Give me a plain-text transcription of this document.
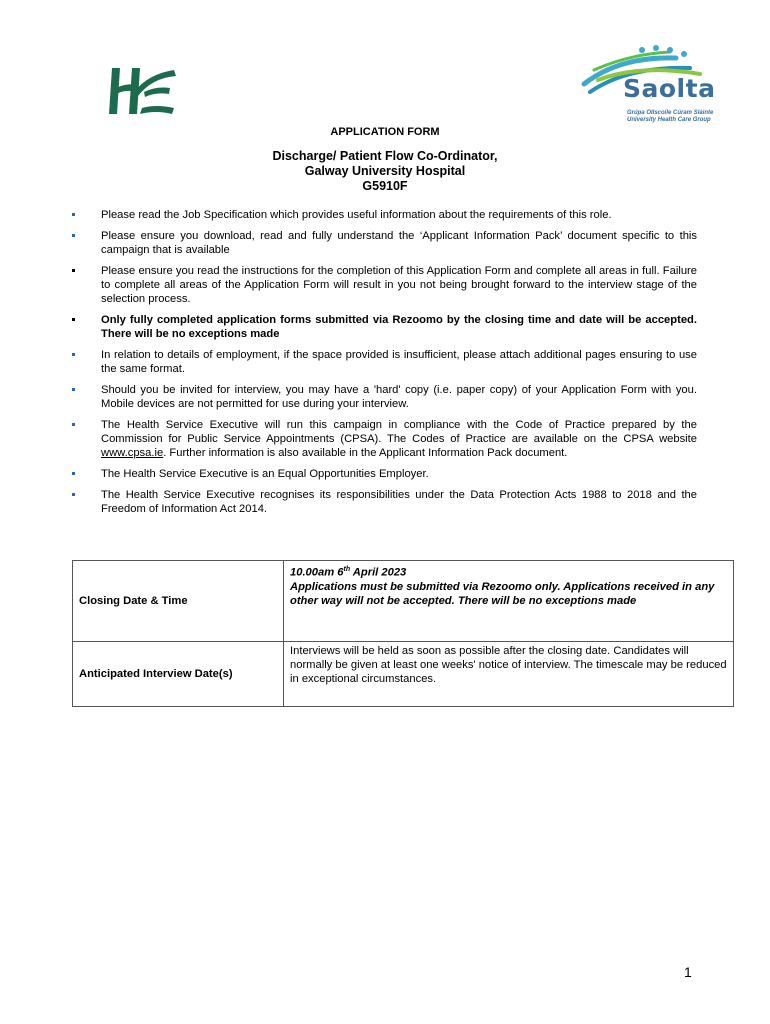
Saolta
Grúpa Ollscoile Cúram Sláinte
University Health Care Group
APPLICATION FORM
Discharge/ Patient Flow Co-Ordinator,
Galway University Hospital
G5910F
Please read the Job Specification which provides useful information about the requirements of this role.
Please ensure you download, read and fully understand the ‘Applicant Information Pack’ document specific to this campaign that is available
Please ensure you read the instructions for the completion of this Application Form and complete all areas in full. Failure to complete all areas of the Application Form will result in you not being brought forward to the interview stage of the selection process.
Only fully completed application forms submitted via Rezoomo by the closing time and date will be accepted. There will be no exceptions made
In relation to details of employment, if the space provided is insufficient, please attach additional pages ensuring to use the same format.
Should you be invited for interview, you may have a 'hard' copy (i.e. paper copy) of your Application Form with you. Mobile devices are not permitted for use during your interview.
The Health Service Executive will run this campaign in compliance with the Code of Practice prepared by the Commission for Public Service Appointments (CPSA). The Codes of Practice are available on the CPSA website www.cpsa.ie. Further information is also available in the Applicant Information Pack document.
The Health Service Executive is an Equal Opportunities Employer.
The Health Service Executive recognises its responsibilities under the Data Protection Acts 1988 to 2018 and the Freedom of Information Act 2014.
Closing Date & Time	10.00am 6th April 2023
Applications must be submitted via Rezoomo only. Applications received in any other way will not be accepted. There will be no exceptions made
Anticipated Interview Date(s)	Interviews will be held as soon as possible after the closing date. Candidates will normally be given at least one weeks' notice of interview. The timescale may be reduced in exceptional circumstances.
1
